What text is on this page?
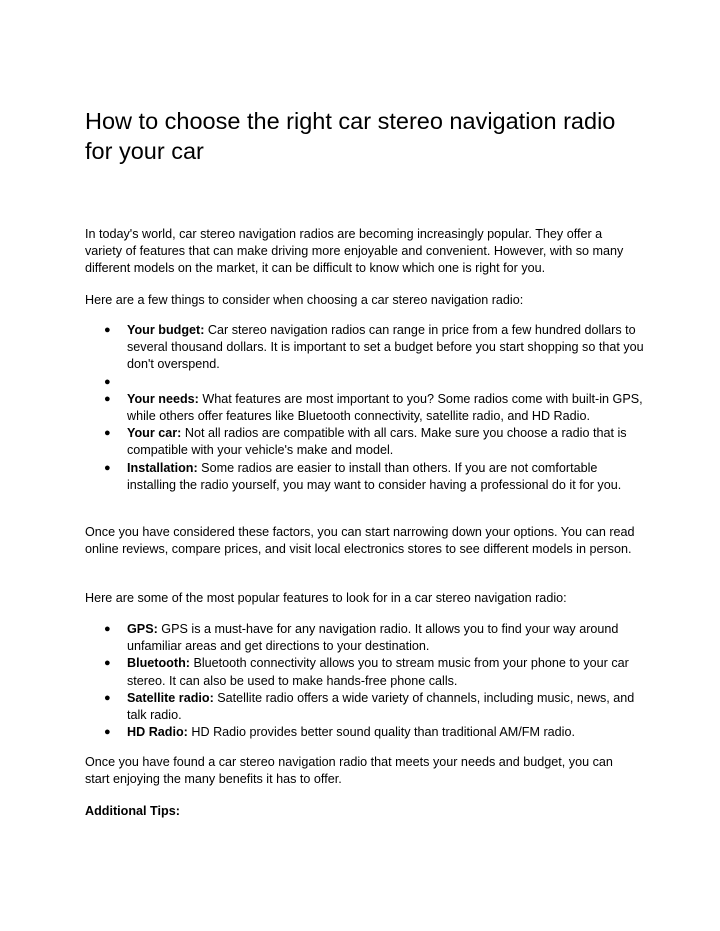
How to choose the right car stereo navigation radio for your car

In today's world, car stereo navigation radios are becoming increasingly popular. They offer a variety of features that can make driving more enjoyable and convenient. However, with so many different models on the market, it can be difficult to know which one is right for you.

Here are a few things to consider when choosing a car stereo navigation radio:

● Your budget: Car stereo navigation radios can range in price from a few hundred dollars to several thousand dollars. It is important to set a budget before you start shopping so that you don't overspend.
●
● Your needs: What features are most important to you? Some radios come with built-in GPS, while others offer features like Bluetooth connectivity, satellite radio, and HD Radio.
● Your car: Not all radios are compatible with all cars. Make sure you choose a radio that is compatible with your vehicle's make and model.
● Installation: Some radios are easier to install than others. If you are not comfortable installing the radio yourself, you may want to consider having a professional do it for you.

Once you have considered these factors, you can start narrowing down your options. You can read online reviews, compare prices, and visit local electronics stores to see different models in person.

Here are some of the most popular features to look for in a car stereo navigation radio:

● GPS: GPS is a must-have for any navigation radio. It allows you to find your way around unfamiliar areas and get directions to your destination.
● Bluetooth: Bluetooth connectivity allows you to stream music from your phone to your car stereo. It can also be used to make hands-free phone calls.
● Satellite radio: Satellite radio offers a wide variety of channels, including music, news, and talk radio.
● HD Radio: HD Radio provides better sound quality than traditional AM/FM radio.

Once you have found a car stereo navigation radio that meets your needs and budget, you can start enjoying the many benefits it has to offer.

Additional Tips:
